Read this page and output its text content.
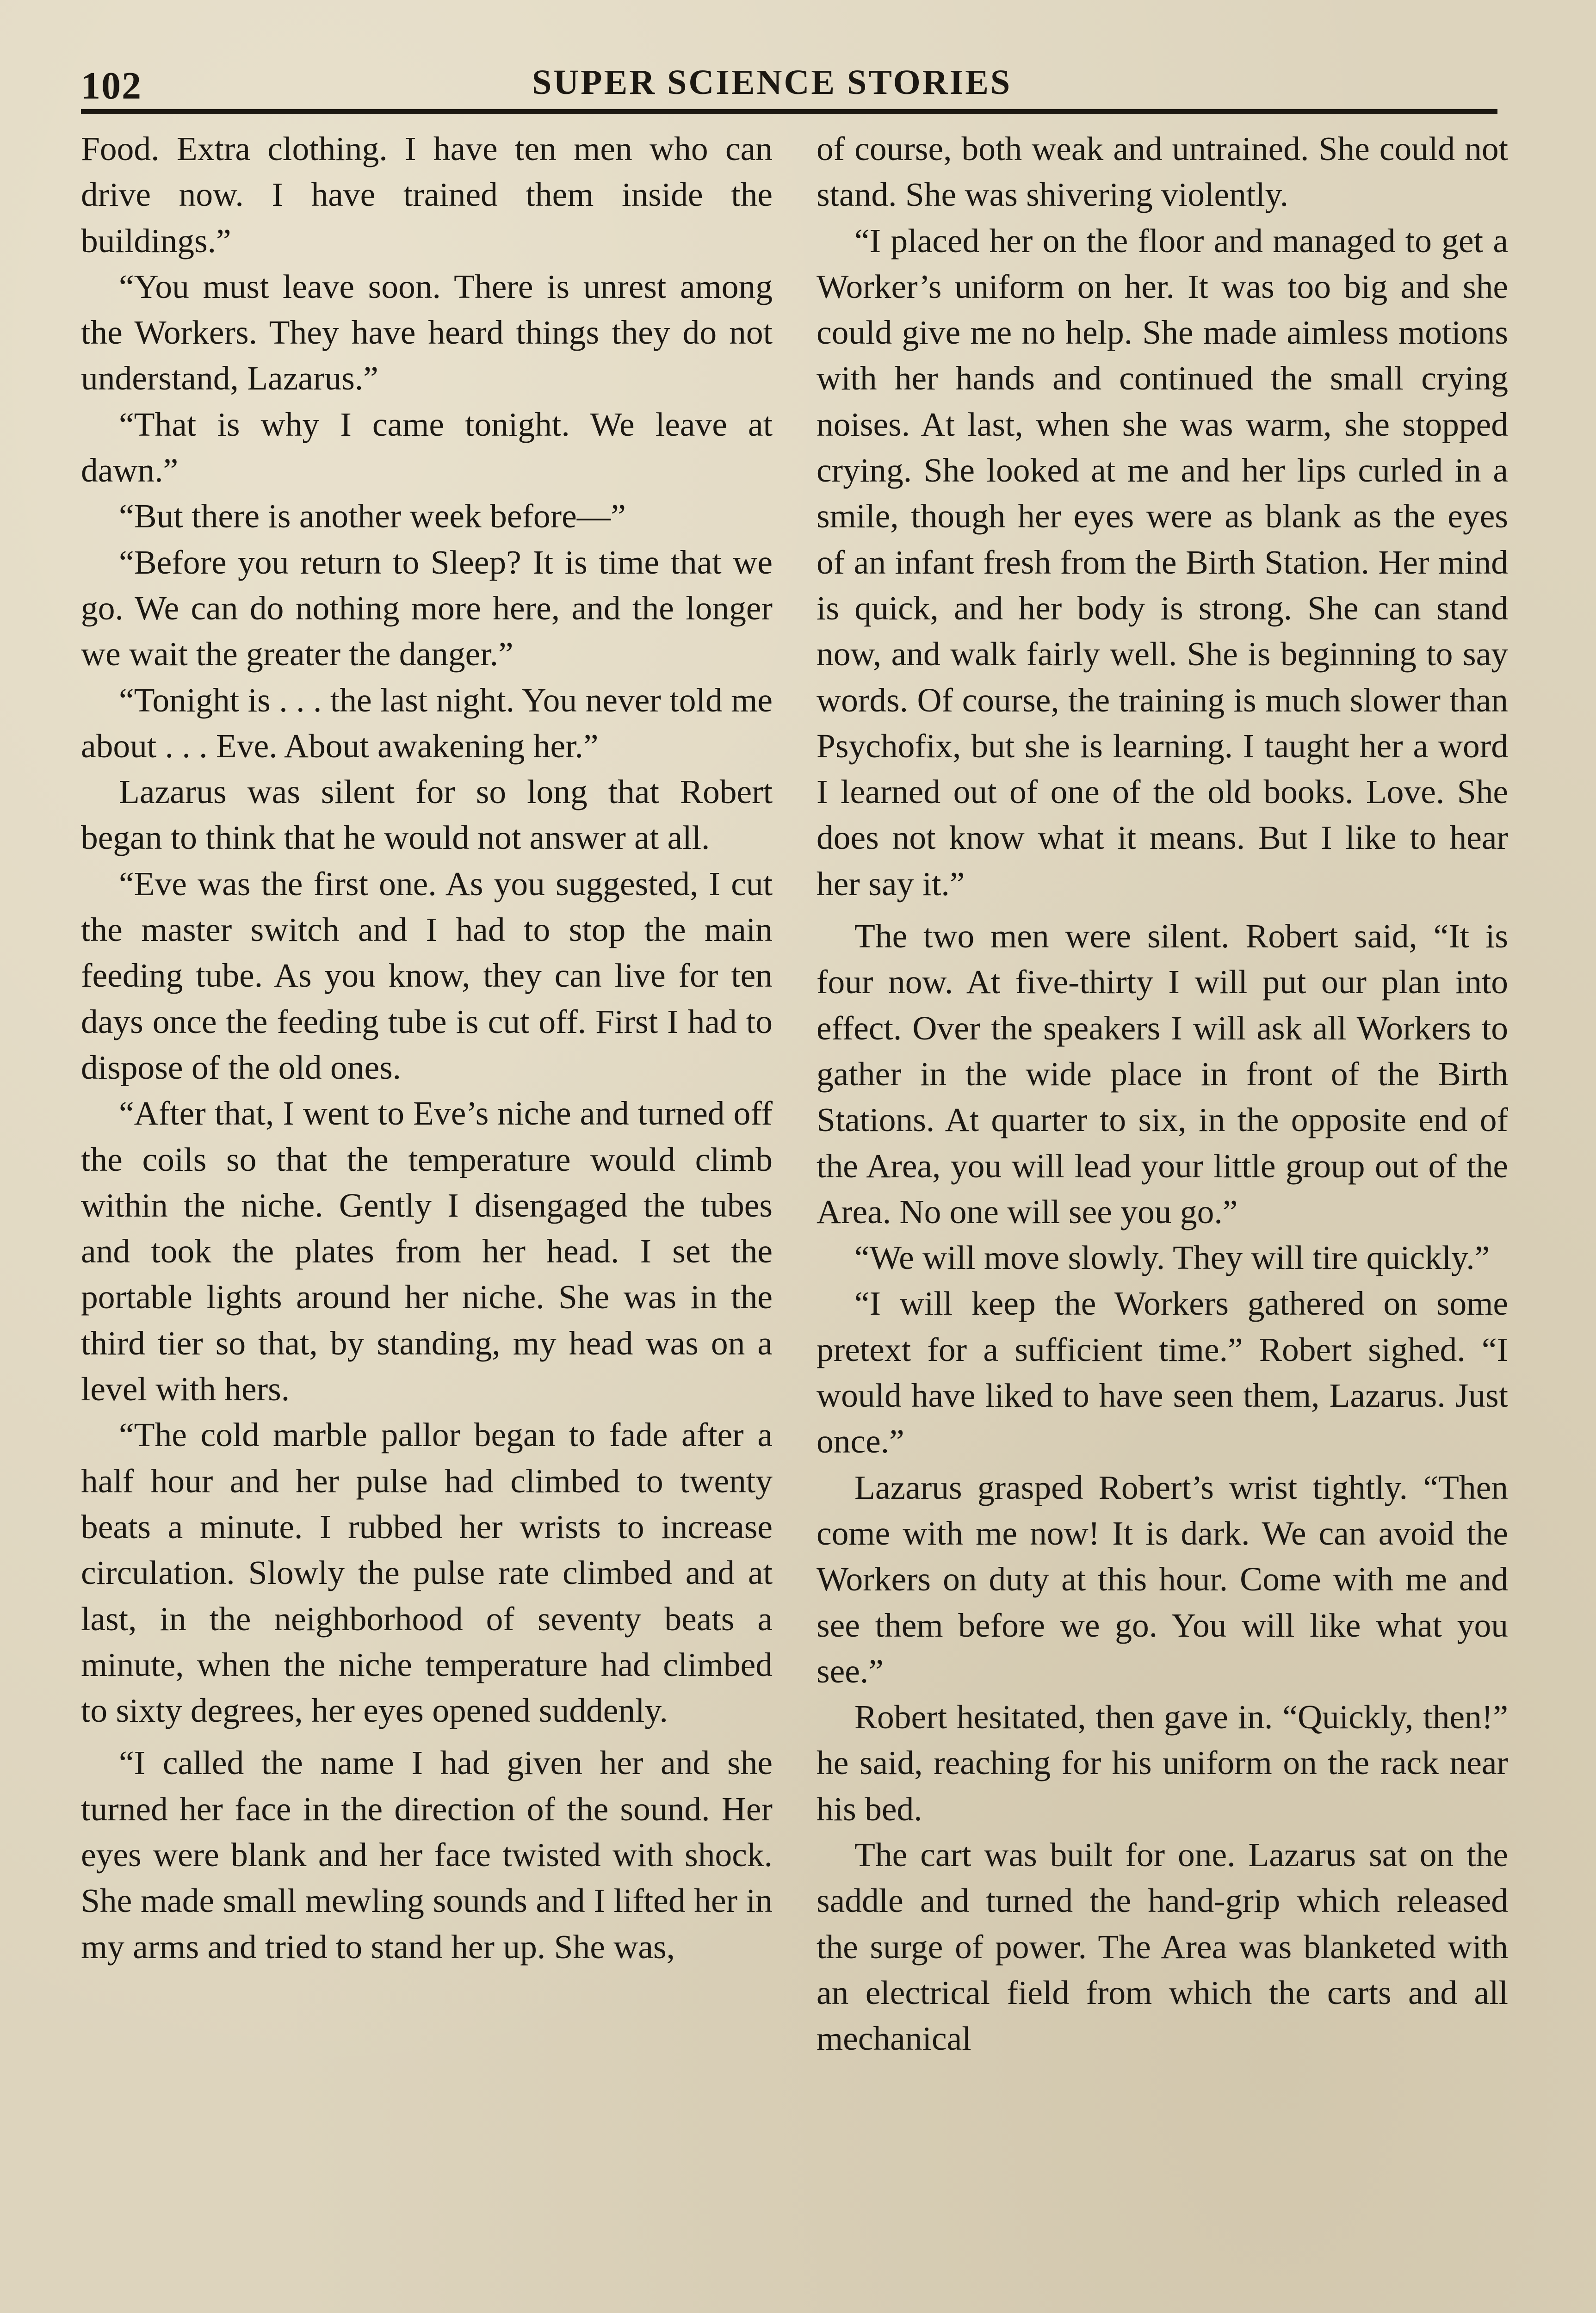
102	SUPER SCIENCE STORIES

Food. Extra clothing. I have ten men who can drive now. I have trained them inside the buildings.”

“You must leave soon. There is unrest among the Workers. They have heard things they do not understand, Lazarus.”

“That is why I came tonight. We leave at dawn.”

“But there is another week before—”

“Before you return to Sleep? It is time that we go. We can do nothing more here, and the longer we wait the greater the danger.”

“Tonight is . . . the last night. You never told me about . . . Eve. About awakening her.”

Lazarus was silent for so long that Robert began to think that he would not answer at all.

“Eve was the first one. As you suggested, I cut the master switch and I had to stop the main feeding tube. As you know, they can live for ten days once the feeding tube is cut off. First I had to dispose of the old ones.

“After that, I went to Eve’s niche and turned off the coils so that the temperature would climb within the niche. Gently I disengaged the tubes and took the plates from her head. I set the portable lights around her niche. She was in the third tier so that, by standing, my head was on a level with hers.

“The cold marble pallor began to fade after a half hour and her pulse had climbed to twenty beats a minute. I rubbed her wrists to increase circulation. Slowly the pulse rate climbed and at last, in the neighborhood of seventy beats a minute, when the niche temperature had climbed to sixty degrees, her eyes opened suddenly.

“I called the name I had given her and she turned her face in the direction of the sound. Her eyes were blank and her face twisted with shock. She made small mewling sounds and I lifted her in my arms and tried to stand her up. She was,

of course, both weak and untrained. She could not stand. She was shivering violently.

“I placed her on the floor and managed to get a Worker’s uniform on her. It was too big and she could give me no help. She made aimless motions with her hands and continued the small crying noises. At last, when she was warm, she stopped crying. She looked at me and her lips curled in a smile, though her eyes were as blank as the eyes of an infant fresh from the Birth Station. Her mind is quick, and her body is strong. She can stand now, and walk fairly well. She is beginning to say words. Of course, the training is much slower than Psychofix, but she is learning. I taught her a word I learned out of one of the old books. Love. She does not know what it means. But I like to hear her say it.”

The two men were silent. Robert said, “It is four now. At five-thirty I will put our plan into effect. Over the speakers I will ask all Workers to gather in the wide place in front of the Birth Stations. At quarter to six, in the opposite end of the Area, you will lead your little group out of the Area. No one will see you go.”

“We will move slowly. They will tire quickly.”

“I will keep the Workers gathered on some pretext for a sufficient time.” Robert sighed. “I would have liked to have seen them, Lazarus. Just once.”

Lazarus grasped Robert’s wrist tightly. “Then come with me now! It is dark. We can avoid the Workers on duty at this hour. Come with me and see them before we go. You will like what you see.”

Robert hesitated, then gave in. “Quickly, then!” he said, reaching for his uniform on the rack near his bed.

The cart was built for one. Lazarus sat on the saddle and turned the hand-grip which released the surge of power. The Area was blanketed with an electrical field from which the carts and all mechanical
